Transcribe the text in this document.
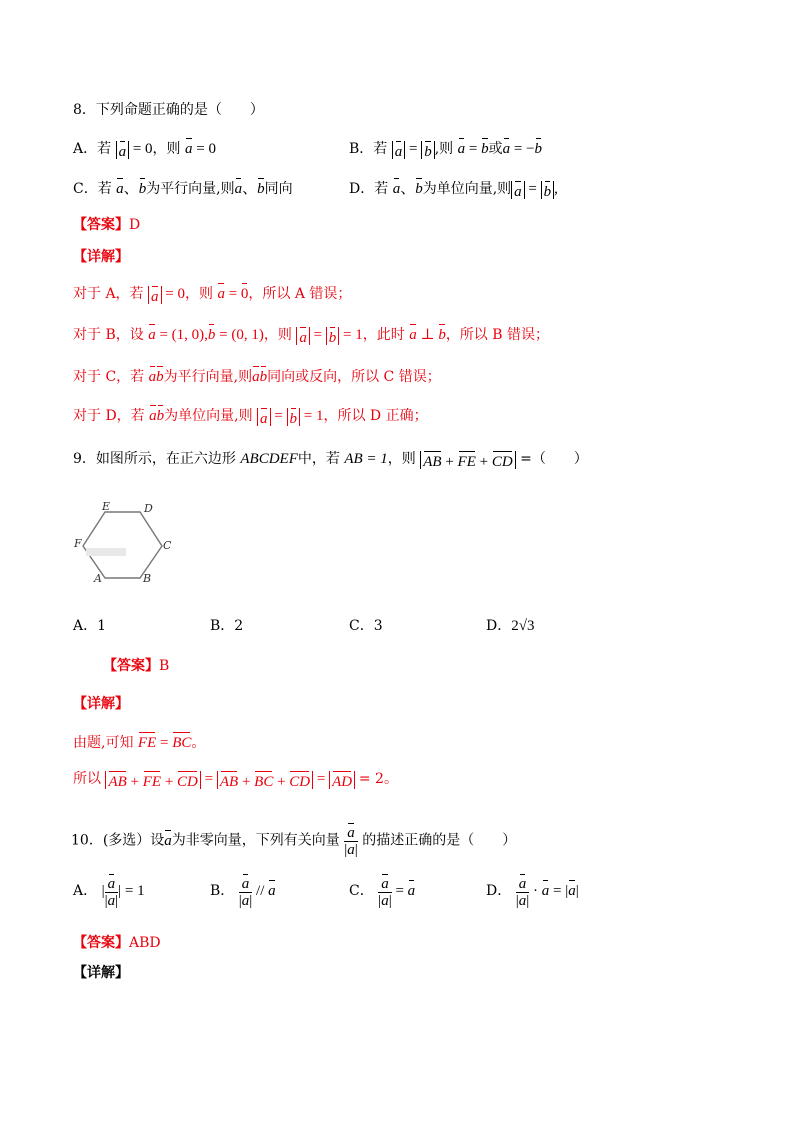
8．下列命题正确的是（　　）
A．若 a = 0，则 a = 0	B．若 a = b ,则 a = b或a = −b
C．若 a、b为平行向量,则a、b同向	D．若 a、b为单位向量,则 a = b ,
【答案】D
【详解】
对于 A，若 a = 0，则 a = 0，所以 A 错误；
对于 B，设 a = (1, 0),b = (0, 1)，则 a = b = 1，此时 a ⊥ b，所以 B 错误；
对于 C，若 ab为平行向量,则ab同向或反向，所以 C 错误；
对于 D，若 ab为单位向量,则 a = b = 1，所以 D 正确；
9．如图所示，在正六边形 ABCDEF中，若 AB = 1，则 AB + FE + CD =（　　）
A	B
C
D
E
F
A．1	B．2	C．3	D．2√3
【答案】B
【详解】
由题,可知 FE = BC。
所以 AB + FE + CD = AB + BC + CD = AD = 2。
10．(多选）设a为非零向量，下列有关向量 $\frac{a}{|a|}$ 的描述正确的是（　　）
A． | $\frac{a}{|a|}$ | = 1	B． $\frac{a}{|a|}$ // a	C． $\frac{a}{|a|} = a$	D． $\frac{a}{|a|} \cdot a = |a|$
【答案】ABD
【详解】
